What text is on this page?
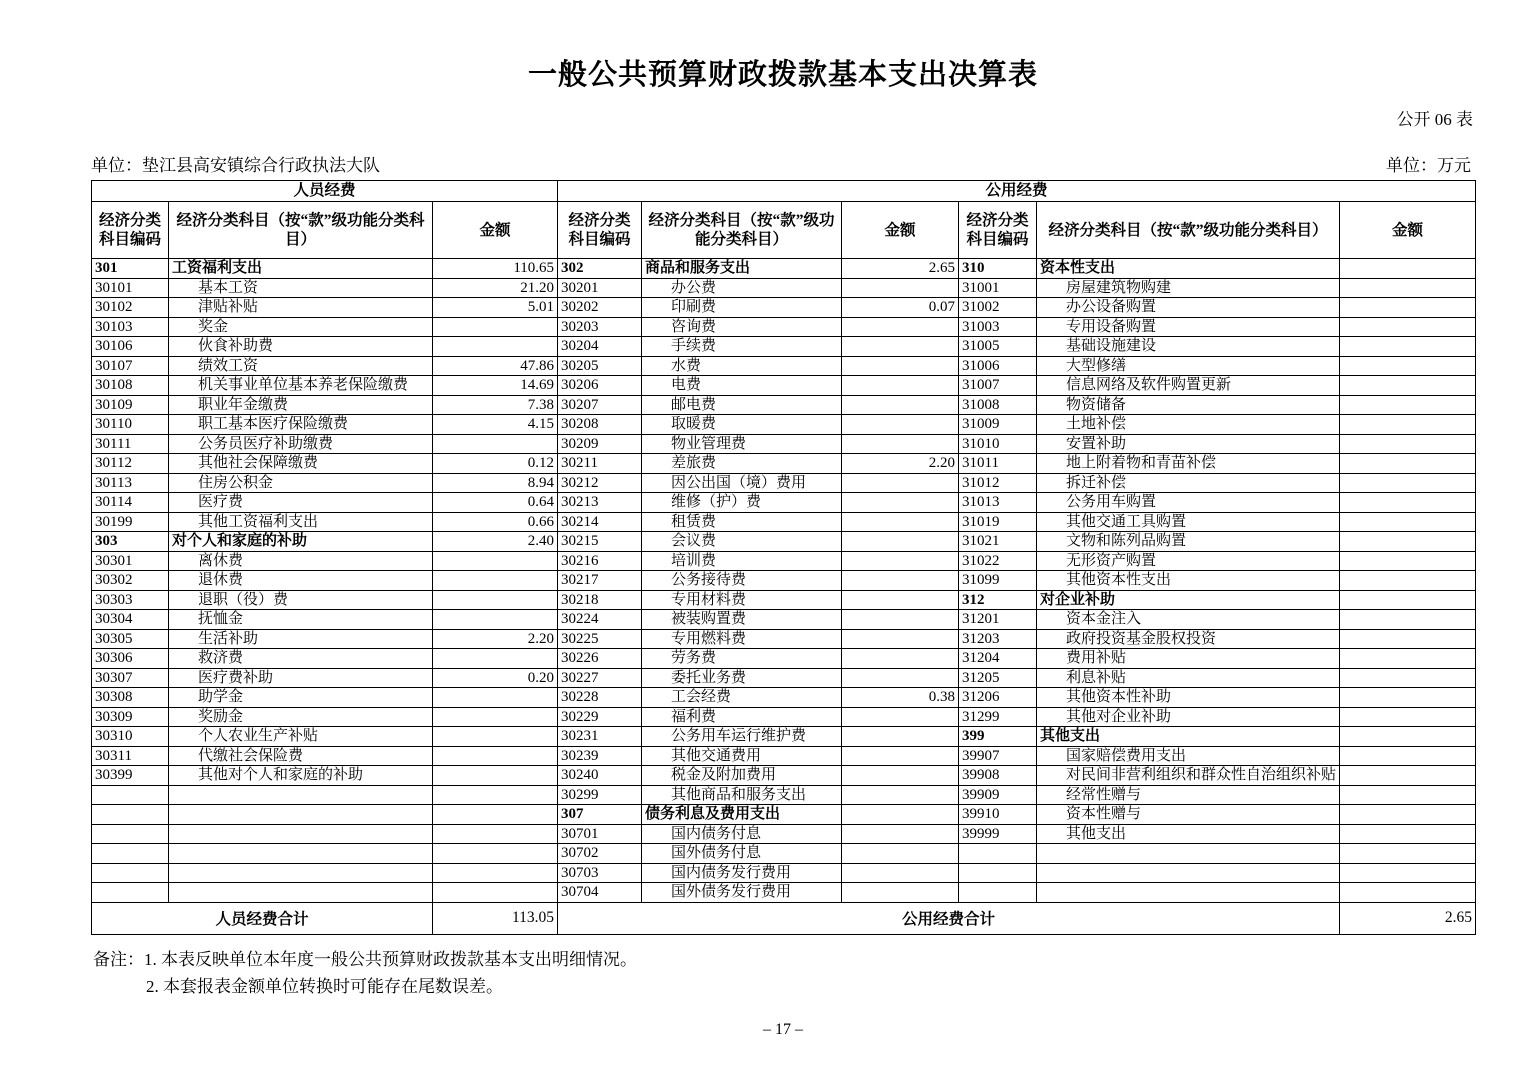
一般公共预算财政拨款基本支出决算表
公开 06 表
单位：垫江县高安镇综合行政执法大队	单位：万元
人员经费			公用经费					
经济分类科目编码	经济分类科目（按“款”级功能分类科目）	金额	经济分类科目编码	经济分类科目（按“款”级功能分类科目）	金额	经济分类科目编码	经济分类科目（按“款”级功能分类科目）	金额
301	工资福利支出	110.65	302	商品和服务支出	2.65	310	资本性支出	
30101	基本工资	21.20	30201	办公费		31001	房屋建筑物购建	
30102	津贴补贴	5.01	30202	印刷费	0.07	31002	办公设备购置	
30103	奖金		30203	咨询费		31003	专用设备购置	
30106	伙食补助费		30204	手续费		31005	基础设施建设	
30107	绩效工资	47.86	30205	水费		31006	大型修缮	
30108	机关事业单位基本养老保险缴费	14.69	30206	电费		31007	信息网络及软件购置更新	
30109	职业年金缴费	7.38	30207	邮电费		31008	物资储备	
30110	职工基本医疗保险缴费	4.15	30208	取暖费		31009	土地补偿	
30111	公务员医疗补助缴费		30209	物业管理费		31010	安置补助	
30112	其他社会保障缴费	0.12	30211	差旅费	2.20	31011	地上附着物和青苗补偿	
30113	住房公积金	8.94	30212	因公出国（境）费用		31012	拆迁补偿	
30114	医疗费	0.64	30213	维修（护）费		31013	公务用车购置	
30199	其他工资福利支出	0.66	30214	租赁费		31019	其他交通工具购置	
303	对个人和家庭的补助	2.40	30215	会议费		31021	文物和陈列品购置	
30301	离休费		30216	培训费		31022	无形资产购置	
30302	退休费		30217	公务接待费		31099	其他资本性支出	
30303	退职（役）费		30218	专用材料费		312	对企业补助	
30304	抚恤金		30224	被装购置费		31201	资本金注入	
30305	生活补助	2.20	30225	专用燃料费		31203	政府投资基金股权投资	
30306	救济费		30226	劳务费		31204	费用补贴	
30307	医疗费补助	0.20	30227	委托业务费		31205	利息补贴	
30308	助学金		30228	工会经费	0.38	31206	其他资本性补助	
30309	奖励金		30229	福利费		31299	其他对企业补助	
30310	个人农业生产补贴		30231	公务用车运行维护费		399	其他支出	
30311	代缴社会保险费		30239	其他交通费用		39907	国家赔偿费用支出	
30399	其他对个人和家庭的补助		30240	税金及附加费用		39908	对民间非营利组织和群众性自治组织补贴	
			30299	其他商品和服务支出		39909	经常性赠与	
			307	债务利息及费用支出		39910	资本性赠与	
			30701	国内债务付息		39999	其他支出	
			30702	国外债务付息				
			30703	国内债务发行费用				
			30704	国外债务发行费用				
人员经费合计		113.05	公用经费合计					2.65
备注：1. 本表反映单位本年度一般公共预算财政拨款基本支出明细情况。
2. 本套报表金额单位转换时可能存在尾数误差。
– 17 –
